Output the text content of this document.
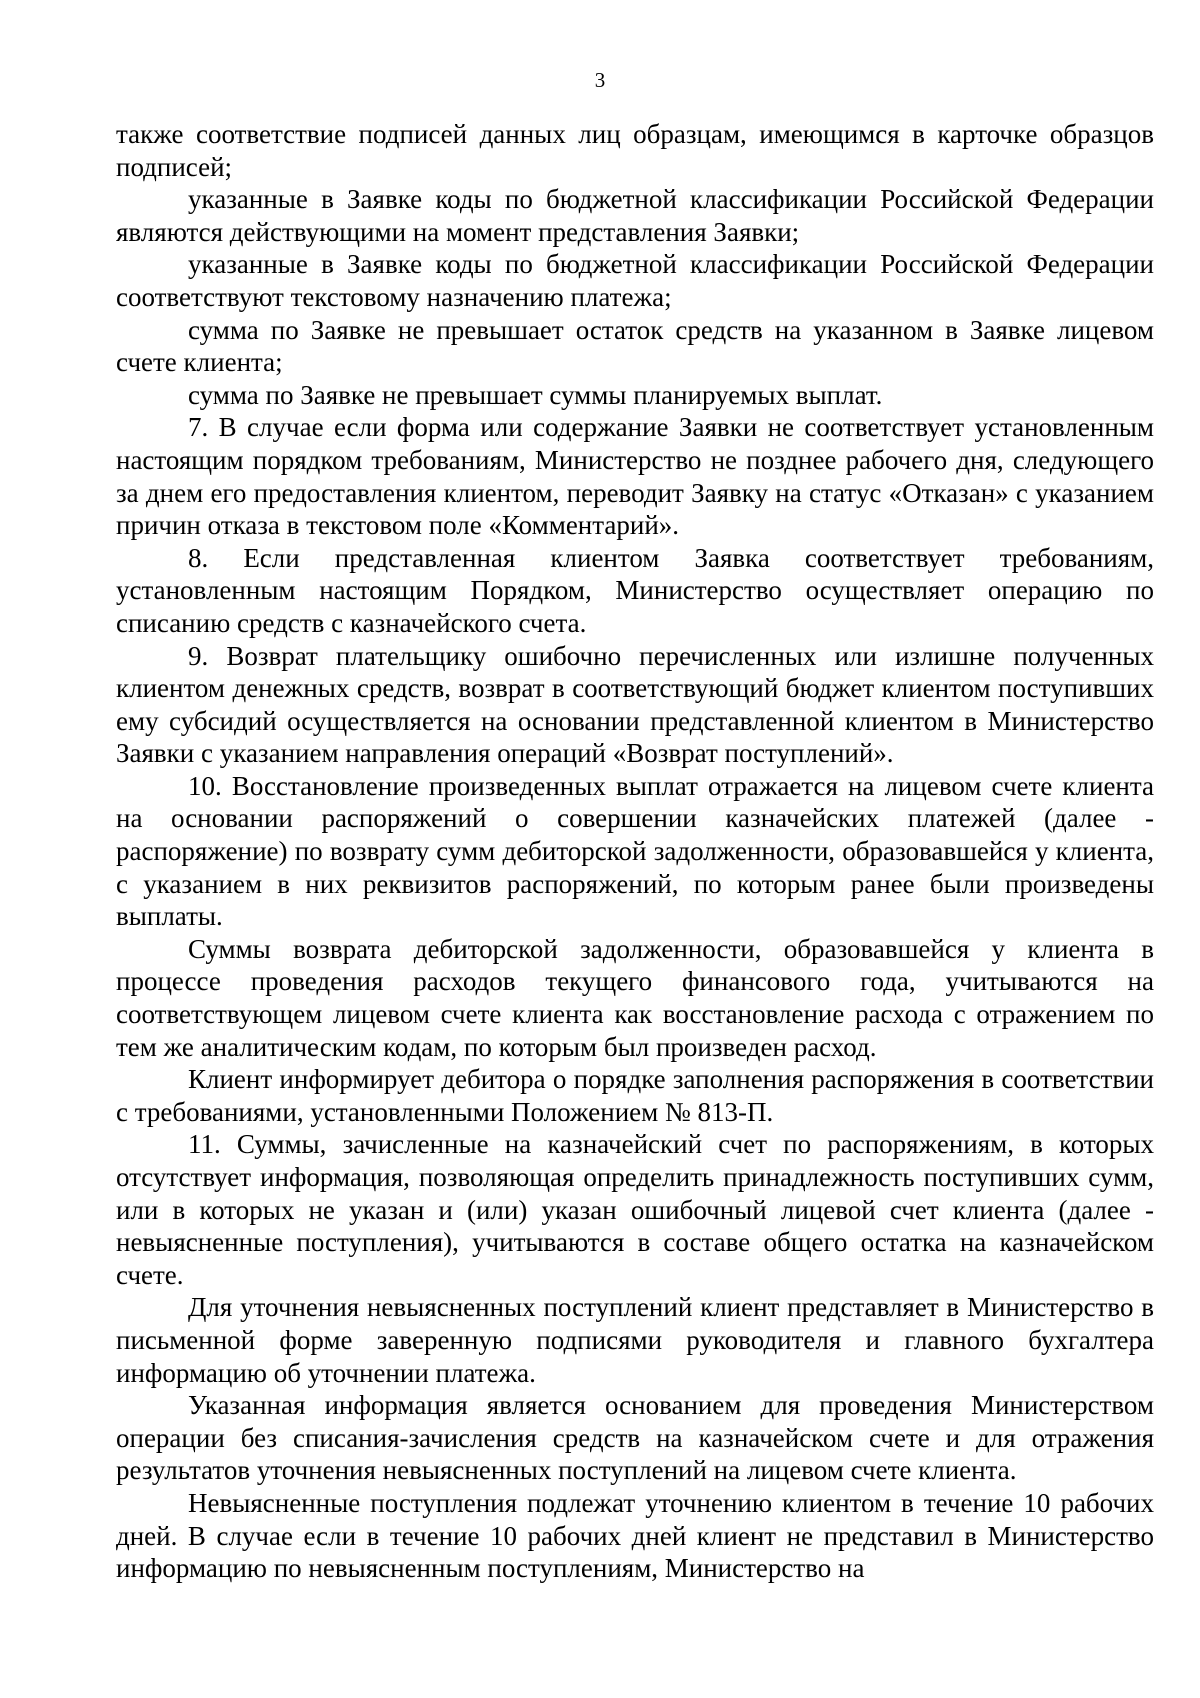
3

также соответствие подписей данных лиц образцам, имеющимся в карточке образцов подписей;

указанные в Заявке коды по бюджетной классификации Российской Федерации являются действующими на момент представления Заявки;

указанные в Заявке коды по бюджетной классификации Российской Федерации соответствуют текстовому назначению платежа;

сумма по Заявке не превышает остаток средств на указанном в Заявке лицевом счете клиента;

сумма по Заявке не превышает суммы планируемых выплат.

7. В случае если форма или содержание Заявки не соответствует установленным настоящим порядком требованиям, Министерство не позднее рабочего дня, следующего за днем его предоставления клиентом, переводит Заявку на статус «Отказан» с указанием причин отказа в текстовом поле «Комментарий».

8. Если представленная клиентом Заявка соответствует требованиям, установленным настоящим Порядком, Министерство осуществляет операцию по списанию средств с казначейского счета.

9. Возврат плательщику ошибочно перечисленных или излишне полученных клиентом денежных средств, возврат в соответствующий бюджет клиентом поступивших ему субсидий осуществляется на основании представленной клиентом в Министерство Заявки с указанием направления операций «Возврат поступлений».

10. Восстановление произведенных выплат отражается на лицевом счете клиента на основании распоряжений о совершении казначейских платежей (далее - распоряжение) по возврату сумм дебиторской задолженности, образовавшейся у клиента, с указанием в них реквизитов распоряжений, по которым ранее были произведены выплаты.

Суммы возврата дебиторской задолженности, образовавшейся у клиента в процессе проведения расходов текущего финансового года, учитываются на соответствующем лицевом счете клиента как восстановление расхода с отражением по тем же аналитическим кодам, по которым был произведен расход.

Клиент информирует дебитора о порядке заполнения распоряжения в соответствии с требованиями, установленными Положением № 813-П.

11. Суммы, зачисленные на казначейский счет по распоряжениям, в которых отсутствует информация, позволяющая определить принадлежность поступивших сумм, или в которых не указан и (или) указан ошибочный лицевой счет клиента (далее - невыясненные поступления), учитываются в составе общего остатка на казначейском счете.

Для уточнения невыясненных поступлений клиент представляет в Министерство в письменной форме заверенную подписями руководителя и главного бухгалтера информацию об уточнении платежа.

Указанная информация является основанием для проведения Министерством операции без списания-зачисления средств на казначейском счете и для отражения результатов уточнения невыясненных поступлений на лицевом счете клиента.

Невыясненные поступления подлежат уточнению клиентом в течение 10 рабочих дней. В случае если в течение 10 рабочих дней клиент не представил в Министерство информацию по невыясненным поступлениям, Министерство на
